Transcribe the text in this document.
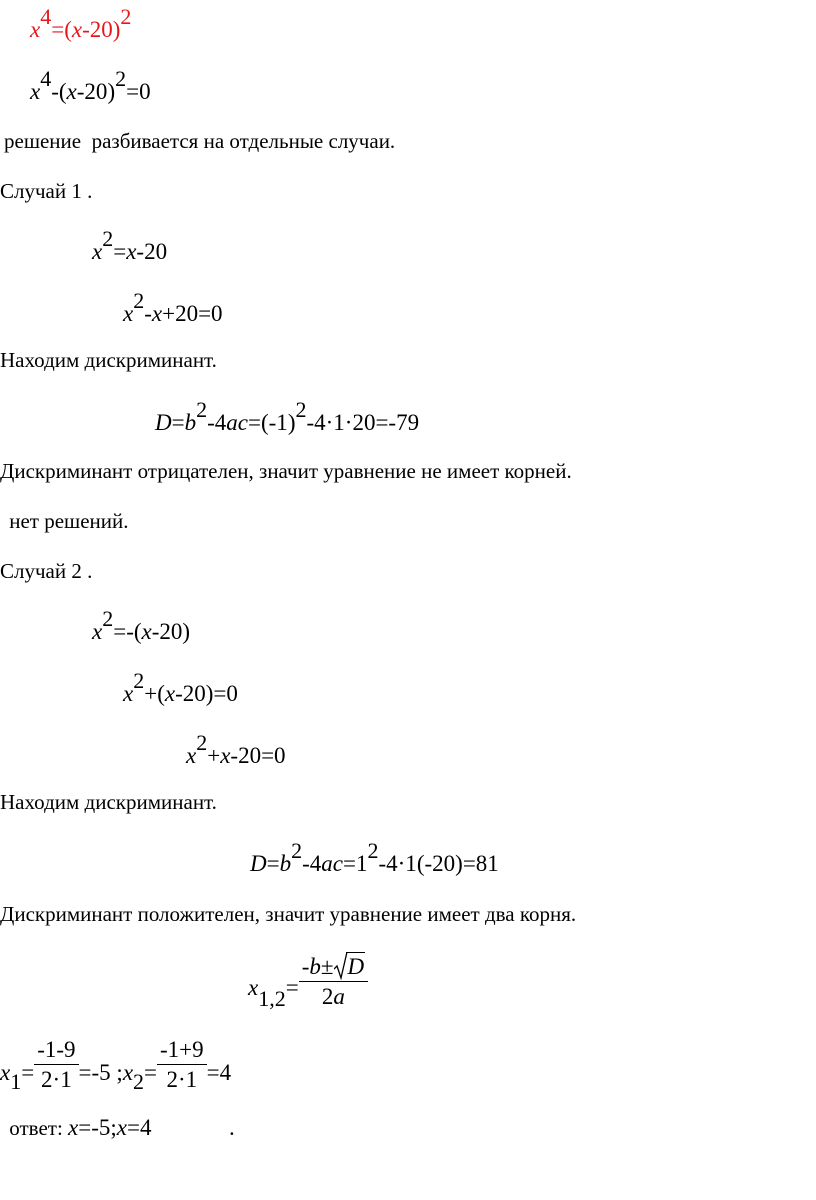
x4=(x-20)2
x4-(x-20)2=0
решение  разбивается на отдельные случаи.
Случай 1 .
x2=x-20
x2-x+20=0
Находим дискриминант.
D=b2-4ac=(-1)2-4·1·20=-79
Дискриминант отрицателен, значит уравнение не имеет корней.
нет решений.
Случай 2 .
x2=-(x-20)
x2+(x-20)=0
x2+x-20=0
Находим дискриминант.
D=b2-4ac=12-4·1(-20)=81
Дискриминант положителен, значит уравнение имеет два корня.
$x1,2= \frac{-b\pm D}{2a}$
$x1= \frac{-1-9}{2\cdot 1} =-5$ ;x2= $\frac{-1+9}{2\cdot 1} =4$
ответ: x=-5;x=4	.
